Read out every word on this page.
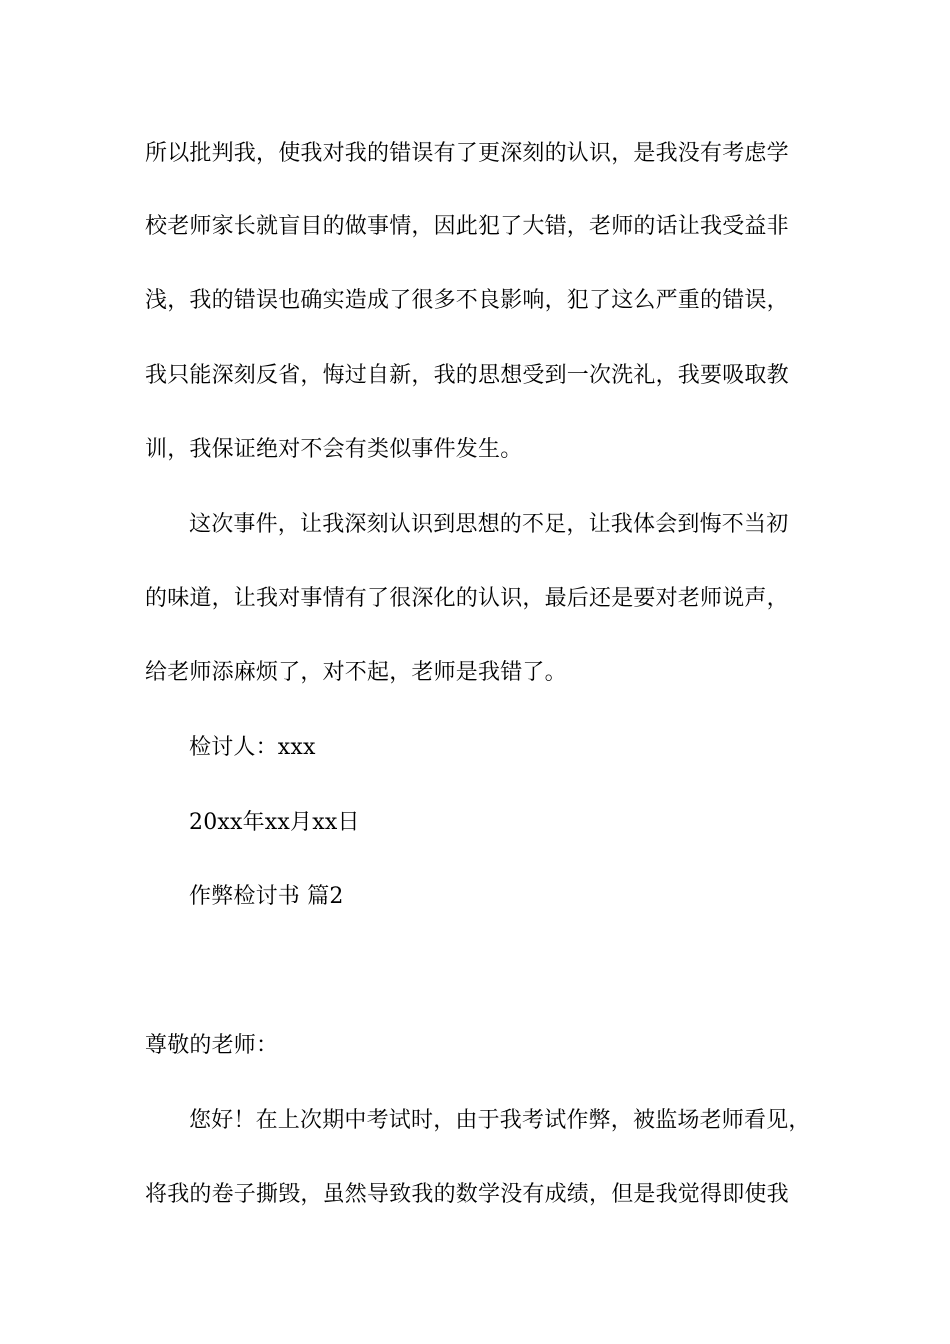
所以批判我，使我对我的错误有了更深刻的认识，是我没有考虑学
校老师家长就盲目的做事情，因此犯了大错，老师的话让我受益非
浅，我的错误也确实造成了很多不良影响，犯了这么严重的错误，
我只能深刻反省，悔过自新，我的思想受到一次洗礼，我要吸取教
训，我保证绝对不会有类似事件发生。
这次事件，让我深刻认识到思想的不足，让我体会到悔不当初
的味道，让我对事情有了很深化的认识，最后还是要对老师说声，
给老师添麻烦了，对不起，老师是我错了。
检讨人：xxx
20xx年xx月xx日
作弊检讨书 篇2
尊敬的老师：
您好！在上次期中考试时，由于我考试作弊，被监场老师看见，
将我的卷子撕毁，虽然导致我的数学没有成绩，但是我觉得即使我
